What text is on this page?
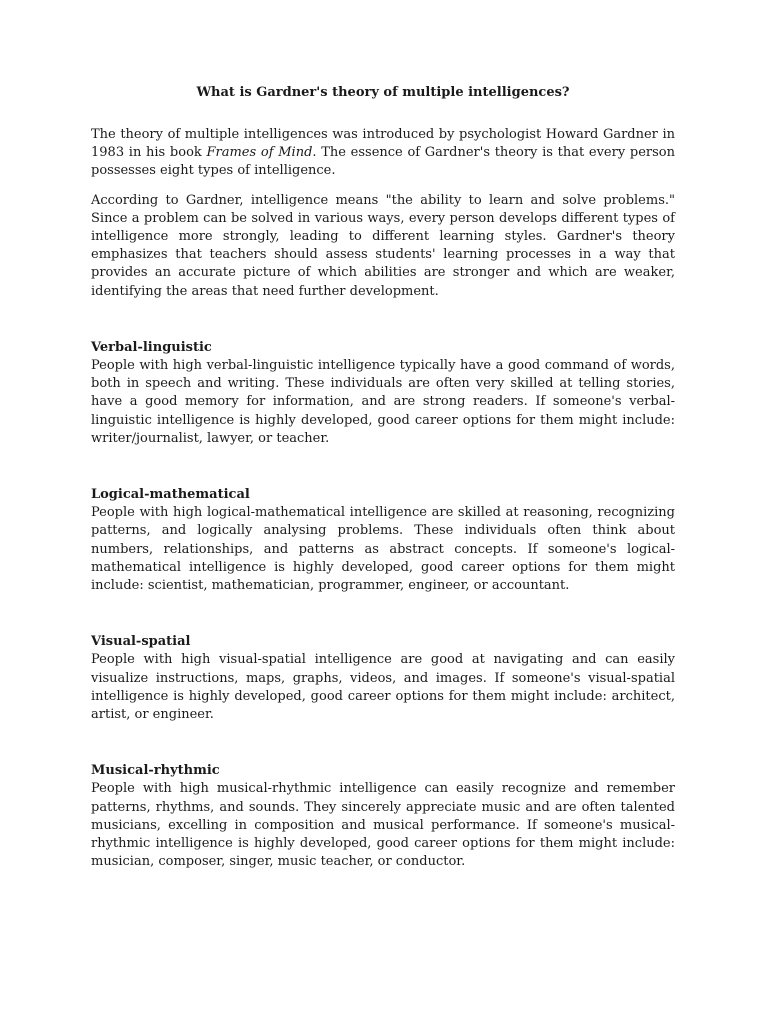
What is Gardner's theory of multiple intelligences?

The theory of multiple intelligences was introduced by psychologist Howard Gardner in 1983 in his book Frames of Mind. The essence of Gardner's theory is that every person possesses eight types of intelligence.

According to Gardner, intelligence means "the ability to learn and solve problems." Since a problem can be solved in various ways, every person develops different types of intelligence more strongly, leading to different learning styles. Gardner's theory emphasizes that teachers should assess students' learning processes in a way that provides an accurate picture of which abilities are stronger and which are weaker, identifying the areas that need further development.

Verbal-linguistic

People with high verbal-linguistic intelligence typically have a good command of words, both in speech and writing. These individuals are often very skilled at telling stories, have a good memory for information, and are strong readers. If someone's verbal-linguistic intelligence is highly developed, good career options for them might include: writer/journalist, lawyer, or teacher.

Logical-mathematical

People with high logical-mathematical intelligence are skilled at reasoning, recognizing patterns, and logically analysing problems. These individuals often think about numbers, relationships, and patterns as abstract concepts. If someone's logical-mathematical intelligence is highly developed, good career options for them might include: scientist, mathematician, programmer, engineer, or accountant.

Visual-spatial

People with high visual-spatial intelligence are good at navigating and can easily visualize instructions, maps, graphs, videos, and images. If someone's visual-spatial intelligence is highly developed, good career options for them might include: architect, artist, or engineer.

Musical-rhythmic

People with high musical-rhythmic intelligence can easily recognize and remember patterns, rhythms, and sounds. They sincerely appreciate music and are often talented musicians, excelling in composition and musical performance. If someone's musical-rhythmic intelligence is highly developed, good career options for them might include: musician, composer, singer, music teacher, or conductor.
